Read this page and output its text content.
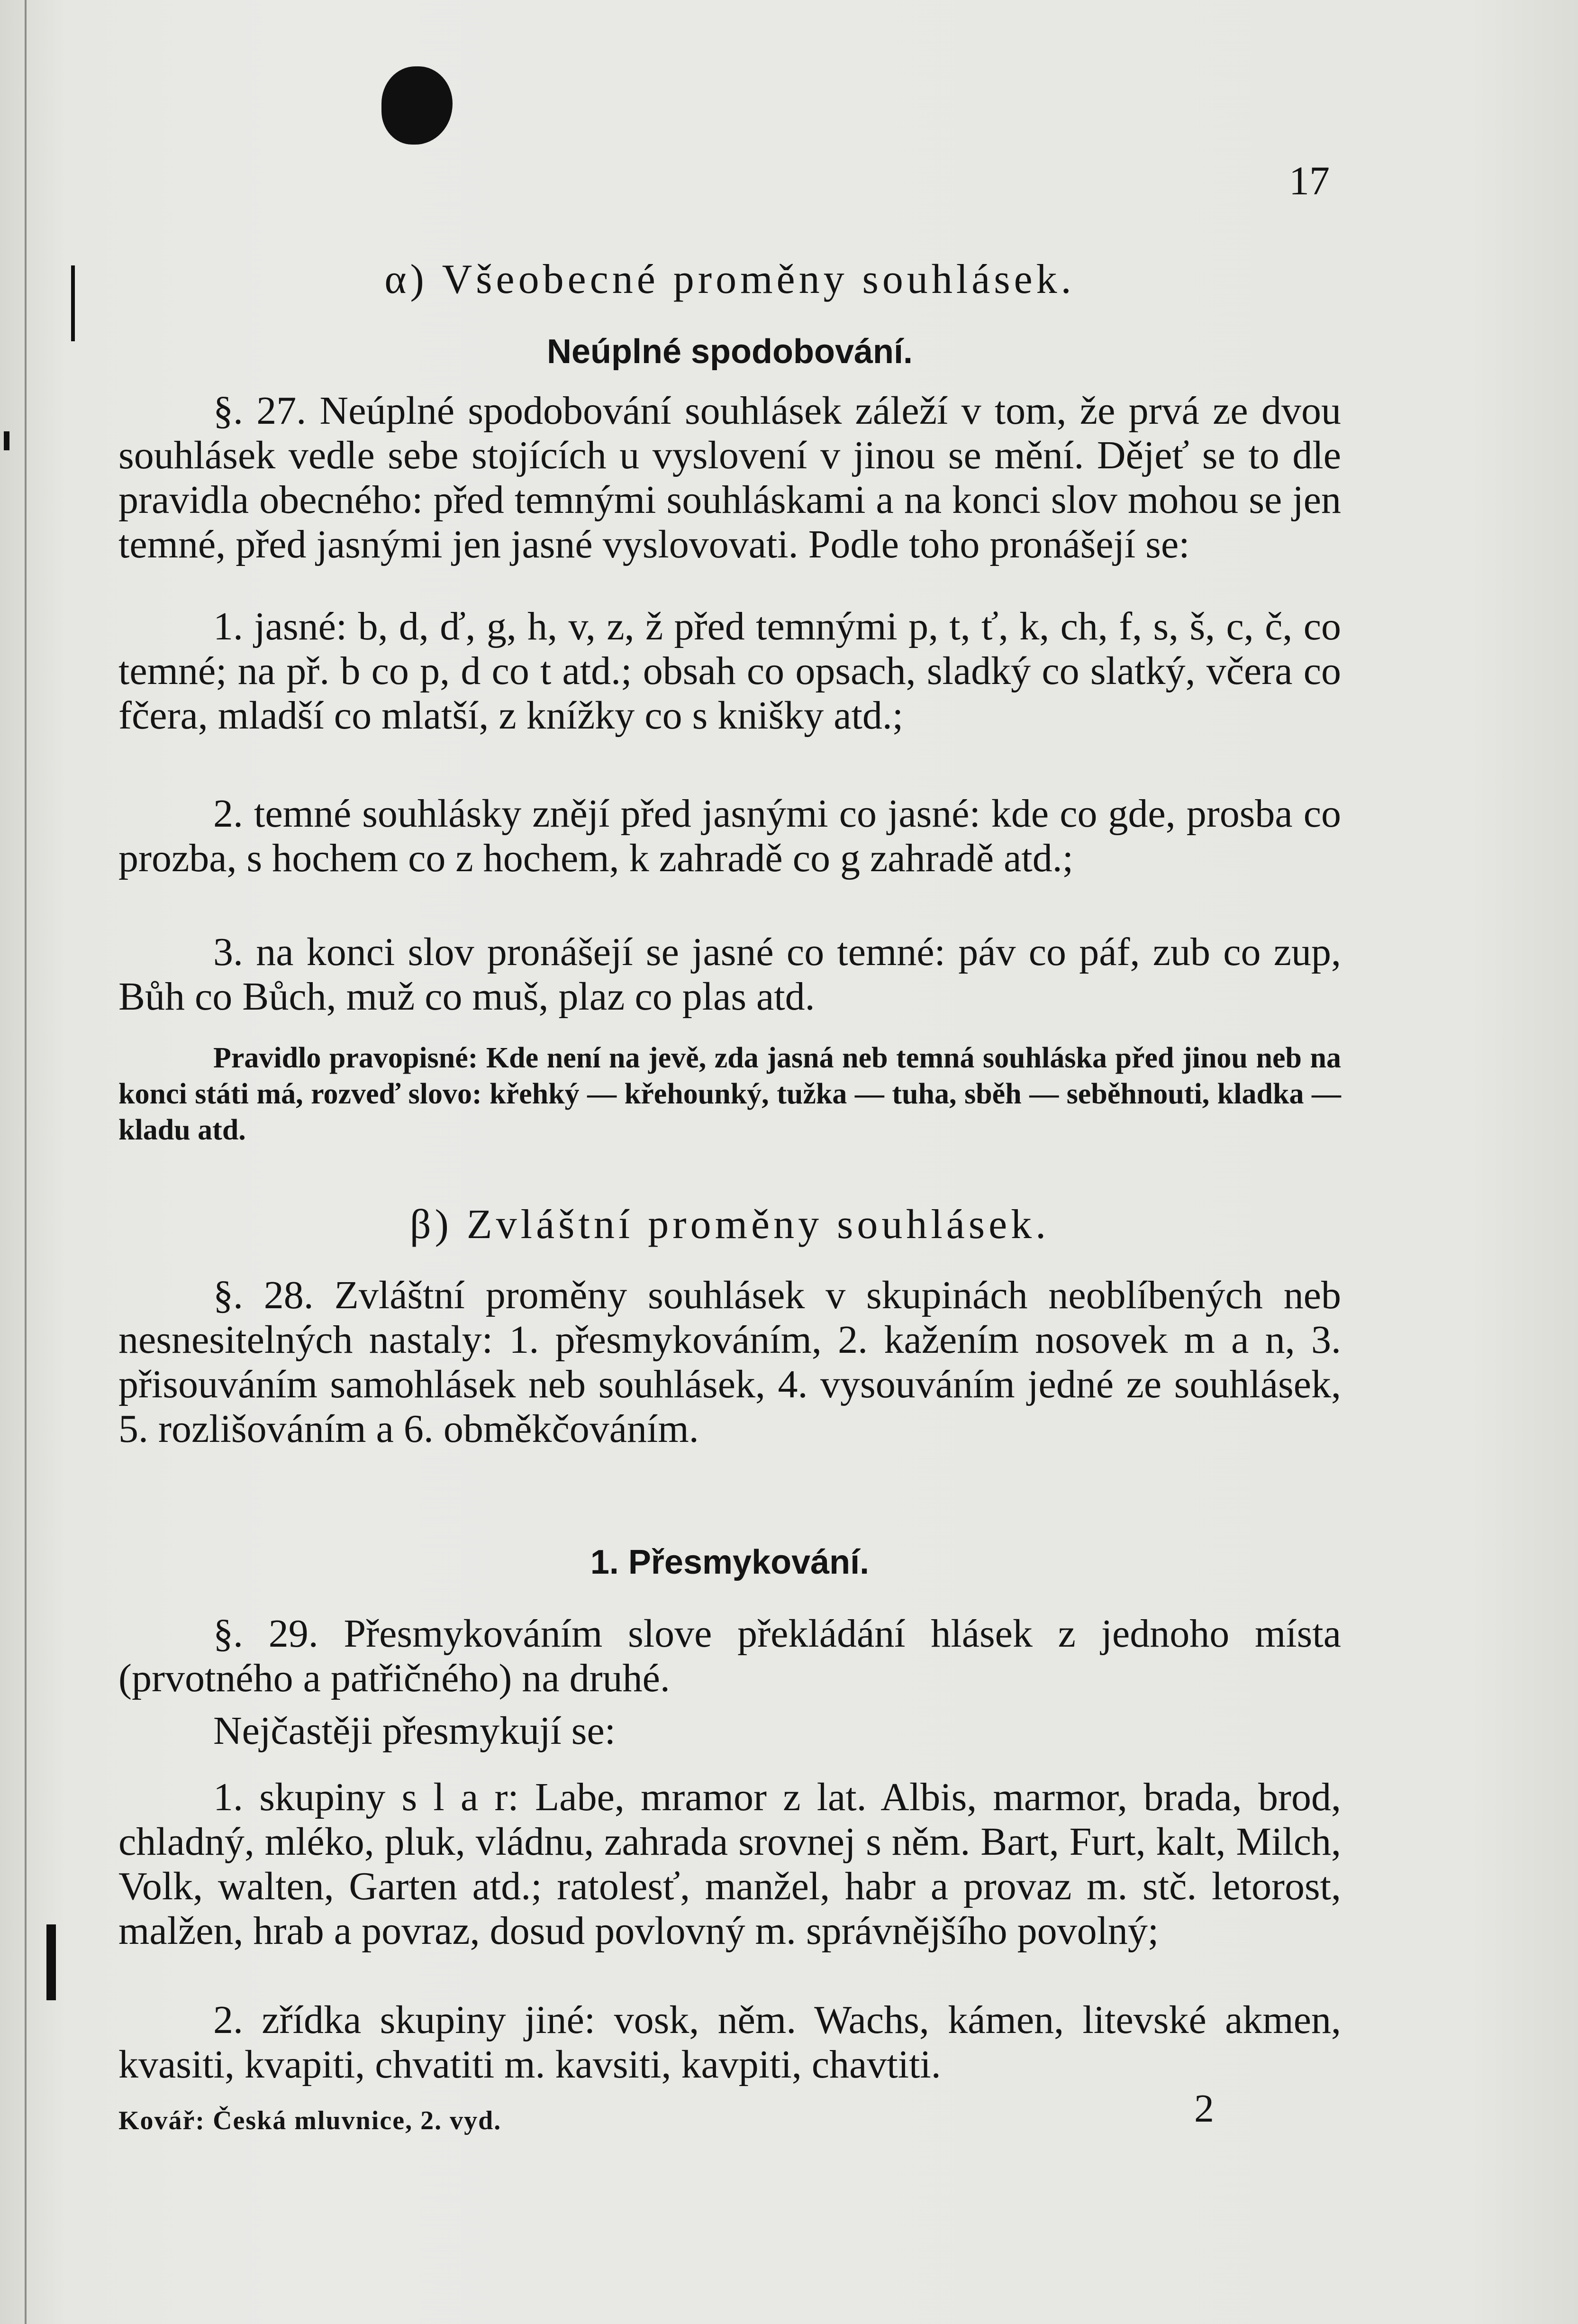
17
α) Všeobecné proměny souhlásek.
Neúplné spodobování.

§. 27. Neúplné spodobování souhlásek záleží v tom, že prvá ze dvou souhlásek vedle sebe stojících u vyslovení v jinou se mění. Dějeť se to dle pravidla obecného: před temnými souhláskami a na konci slov mohou se jen temné, před jasnými jen jasné vyslovovati. Podle toho pronášejí se:

1. jasné: b, d, ď, g, h, v, z, ž před temnými p, t, ť, k, ch, f, s, š, c, č, co temné; na př. b co p, d co t atd.; obsah co opsach, sladký co slatký, včera co fčera, mladší co mlatší, z knížky co s knišky atd.;

2. temné souhlásky znějí před jasnými co jasné: kde co gde, prosba co prozba, s hochem co z hochem, k zahradě co g zahradě atd.;

3. na konci slov pronášejí se jasné co temné: páv co páf, zub co zup, Bůh co Bůch, muž co muš, plaz co plas atd.

Pravidlo pravopisné: Kde není na jevě, zda jasná neb temná souhláska před jinou neb na konci státi má, rozveď slovo: křehký — křehounký, tužka — tuha, sběh — seběhnouti, kladka — kladu atd.

β) Zvláštní proměny souhlásek.

§. 28. Zvláštní proměny souhlásek v skupinách neoblíbených neb nesnesitelných nastaly: 1. přesmykováním, 2. kažením nosovek m a n, 3. přisouváním samohlásek neb souhlásek, 4. vysouváním jedné ze souhlásek, 5. rozlišováním a 6. obměkčováním.

1. Přesmykování.

§. 29. Přesmykováním slove překládání hlásek z jednoho místa (prvotného a patřičného) na druhé.

Nejčastěji přesmykují se:

1. skupiny s l a r: Labe, mramor z lat. Albis, marmor, brada, brod, chladný, mléko, pluk, vládnu, zahrada srovnej s něm. Bart, Furt, kalt, Milch, Volk, walten, Garten atd.; ratolesť, manžel, habr a provaz m. stč. letorost, malžen, hrab a povraz, dosud povlovný m. správnějšího povolný;

2. zřídka skupiny jiné: vosk, něm. Wachs, kámen, litevské akmen, kvasiti, kvapiti, chvatiti m. kavsiti, kavpiti, chavtiti.

Kovář: Česká mluvnice, 2. vyd.	2
